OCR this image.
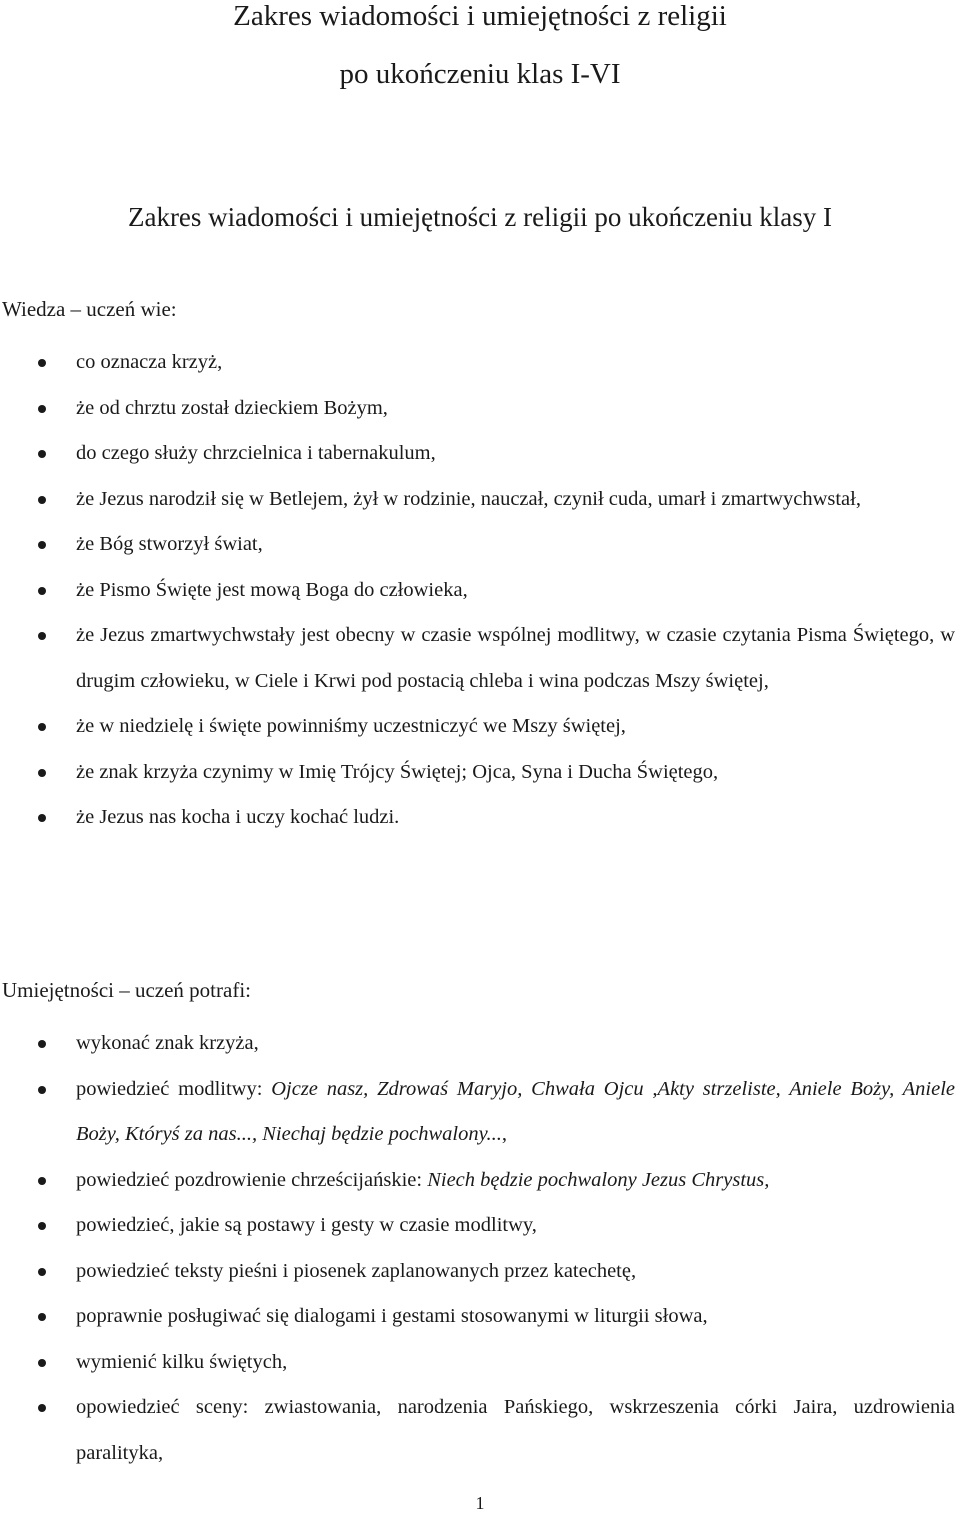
Zakres wiadomości i umiejętności z religii
po ukończeniu klas I-VI
Zakres wiadomości i umiejętności z religii po ukończeniu klasy I
Wiedza – uczeń wie:
co oznacza krzyż,
że od chrztu został dzieckiem Bożym,
do czego służy chrzcielnica i tabernakulum,
że Jezus narodził się w Betlejem, żył w rodzinie, nauczał, czynił cuda, umarł i zmartwychwstał,
że Bóg stworzył świat,
że Pismo Święte jest mową Boga do człowieka,
że Jezus zmartwychwstały jest obecny w czasie wspólnej modlitwy, w czasie czytania Pisma Świętego, w drugim człowieku, w Ciele i Krwi pod postacią chleba i wina podczas Mszy świętej,
że w niedzielę i święte powinniśmy uczestniczyć we Mszy świętej,
że znak krzyża czynimy w Imię Trójcy Świętej; Ojca, Syna i Ducha Świętego,
że Jezus nas kocha i uczy kochać ludzi.
Umiejętności – uczeń potrafi:
wykonać znak krzyża,
powiedzieć modlitwy: Ojcze nasz, Zdrowaś Maryjo, Chwała Ojcu ,Akty strzeliste, Aniele Boży, Aniele Boży, Któryś za nas..., Niechaj będzie pochwalony...,
powiedzieć pozdrowienie chrześcijańskie: Niech będzie pochwalony Jezus Chrystus,
powiedzieć, jakie są postawy i gesty w czasie modlitwy,
powiedzieć teksty pieśni i piosenek zaplanowanych przez katechetę,
poprawnie posługiwać się dialogami i gestami stosowanymi w liturgii słowa,
wymienić kilku świętych,
opowiedzieć sceny: zwiastowania, narodzenia Pańskiego, wskrzeszenia córki Jaira, uzdrowienia paralityka,
1
